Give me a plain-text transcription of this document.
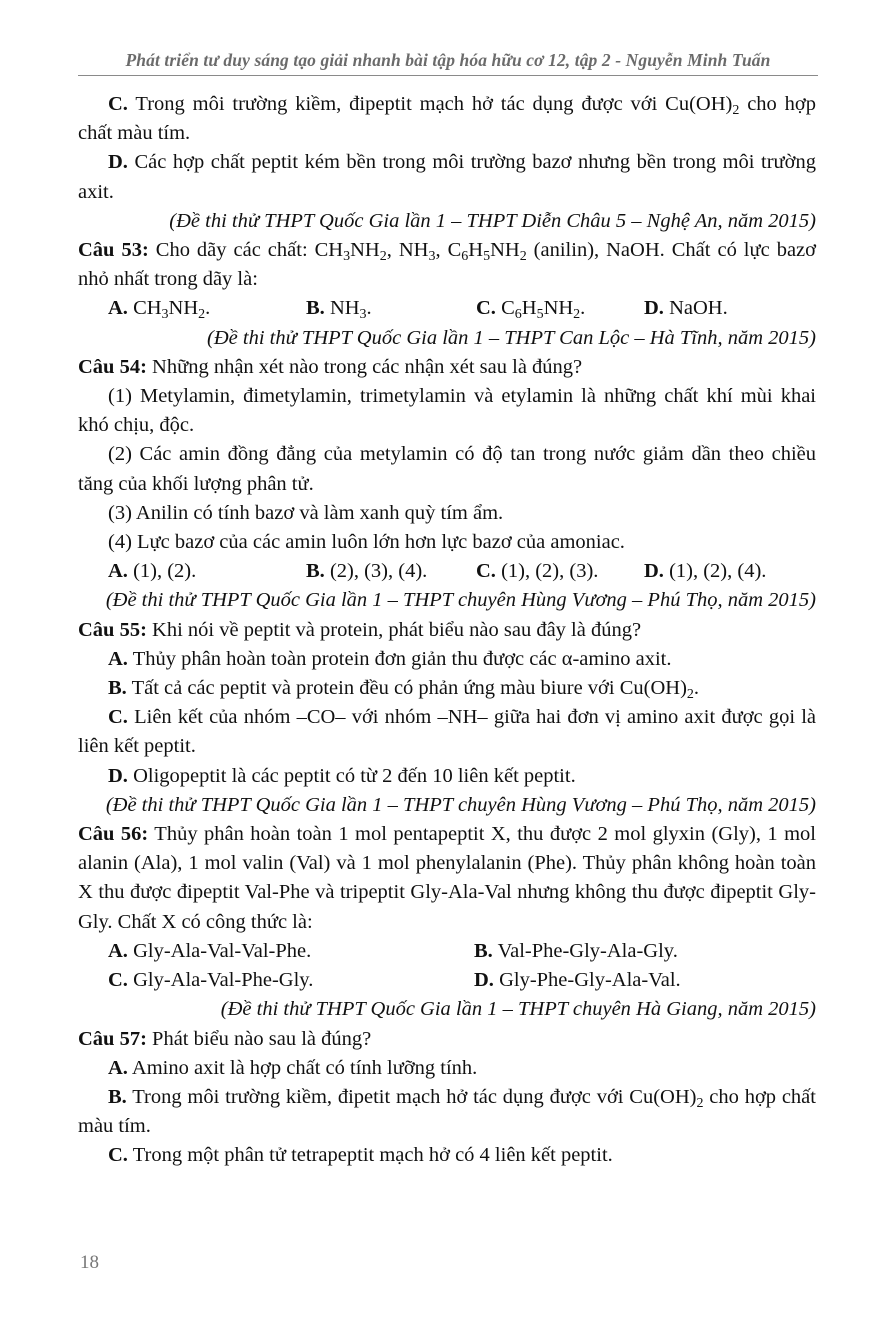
Phát triển tư duy sáng tạo giải nhanh bài tập hóa hữu cơ 12, tập 2 - Nguyễn Minh Tuấn

C. Trong môi trường kiềm, đipeptit mạch hở tác dụng được với $Cu(OH)_2$ cho hợp chất màu tím.

D. Các hợp chất peptit kém bền trong môi trường bazơ nhưng bền trong môi trường axit.

(Đề thi thử THPT Quốc Gia lần 1 – THPT Diễn Châu 5 – Nghệ An, năm 2015)

Câu 53: Cho dãy các chất: $CH_3NH_2$, $NH_3$, $C_6H_5NH_2$ (anilin), NaOH. Chất có lực bazơ nhỏ nhất trong dãy là:

A. $CH_3NH_2$.	B. $NH_3$.	C. $C_6H_5NH_2$.	D. NaOH.

(Đề thi thử THPT Quốc Gia lần 1 – THPT Can Lộc – Hà Tĩnh, năm 2015)

Câu 54: Những nhận xét nào trong các nhận xét sau là đúng?

(1) Metylamin, đimetylamin, trimetylamin và etylamin là những chất khí mùi khai khó chịu, độc.

(2) Các amin đồng đẳng của metylamin có độ tan trong nước giảm dần theo chiều tăng của khối lượng phân tử.

(3) Anilin có tính bazơ và làm xanh quỳ tím ẩm.

(4) Lực bazơ của các amin luôn lớn hơn lực bazơ của amoniac.

A. (1), (2).	B. (2), (3), (4).	C. (1), (2), (3).	D. (1), (2), (4).

(Đề thi thử THPT Quốc Gia lần 1 – THPT chuyên Hùng Vương – Phú Thọ, năm 2015)

Câu 55: Khi nói về peptit và protein, phát biểu nào sau đây là đúng?

A. Thủy phân hoàn toàn protein đơn giản thu được các α-amino axit.

B. Tất cả các peptit và protein đều có phản ứng màu biure với $Cu(OH)_2$.

C. Liên kết của nhóm –CO– với nhóm –NH– giữa hai đơn vị amino axit được gọi là liên kết peptit.

D. Oligopeptit là các peptit có từ 2 đến 10 liên kết peptit.

(Đề thi thử THPT Quốc Gia lần 1 – THPT chuyên Hùng Vương – Phú Thọ, năm 2015)

Câu 56: Thủy phân hoàn toàn 1 mol pentapeptit X, thu được 2 mol glyxin (Gly), 1 mol alanin (Ala), 1 mol valin (Val) và 1 mol phenylalanin (Phe). Thủy phân không hoàn toàn X thu được đipeptit Val-Phe và tripeptit Gly-Ala-Val nhưng không thu được đipeptit Gly-Gly. Chất X có công thức là:

A. Gly-Ala-Val-Val-Phe.	B. Val-Phe-Gly-Ala-Gly.
C. Gly-Ala-Val-Phe-Gly.	D. Gly-Phe-Gly-Ala-Val.

(Đề thi thử THPT Quốc Gia lần 1 – THPT chuyên Hà Giang, năm 2015)

Câu 57: Phát biểu nào sau là đúng?

A. Amino axit là hợp chất có tính lưỡng tính.

B. Trong môi trường kiềm, đipetit mạch hở tác dụng được với $Cu(OH)_2$ cho hợp chất màu tím.

C. Trong một phân tử tetrapeptit mạch hở có 4 liên kết peptit.

18
